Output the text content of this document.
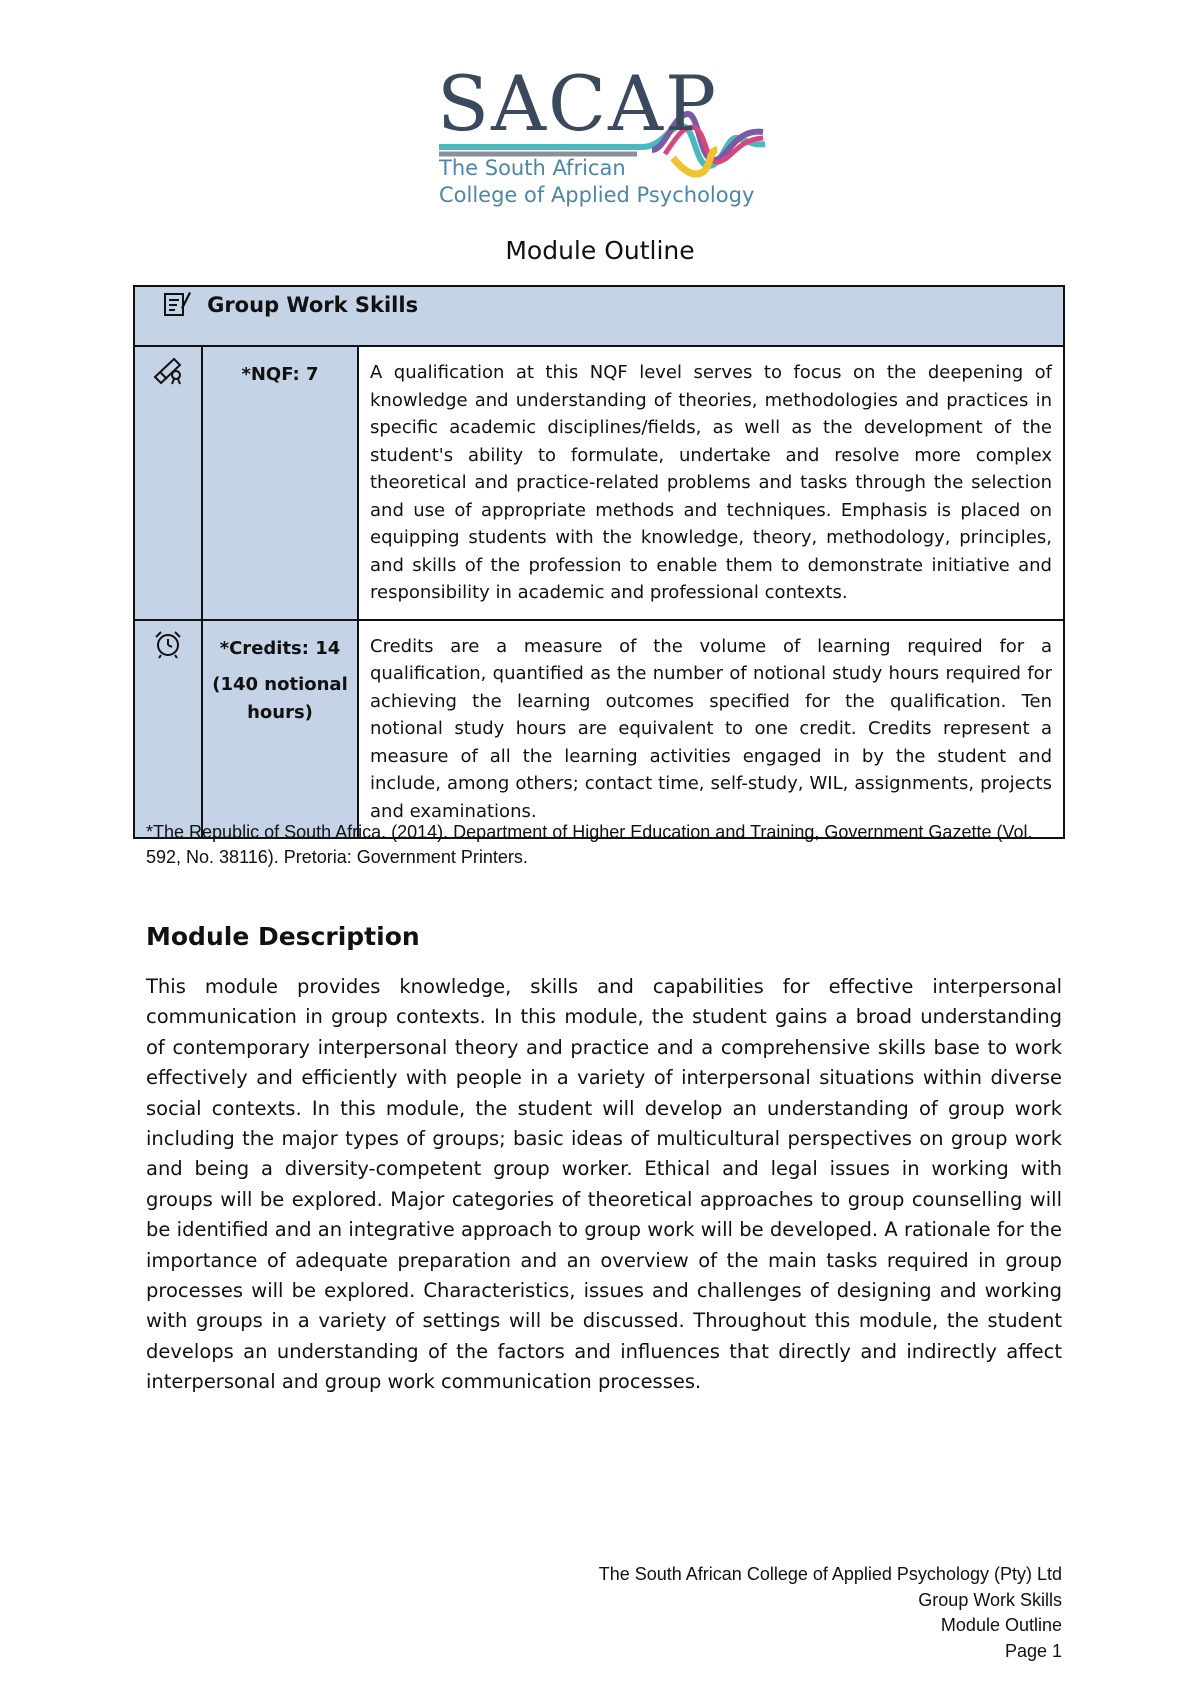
SACAP
The South African
College of Applied Psychology
Module Outline
Group Work Skills		

*NQF: 7	A qualification at this NQF level serves to focus on the deepening of knowledge and understanding of theories, methodologies and practices in specific academic disciplines/fields, as well as the development of the student's ability to formulate, undertake and resolve more complex theoretical and practice-related problems and tasks through the selection and use of appropriate methods and techniques. Emphasis is placed on equipping students with the knowledge, theory, methodology, principles, and skills of the profession to enable them to demonstrate initiative and responsibility in academic and professional contexts.

*Credits: 14
(140 notional hours)	Credits are a measure of the volume of learning required for a qualification, quantified as the number of notional study hours required for achieving the learning outcomes specified for the qualification. Ten notional study hours are equivalent to one credit. Credits represent a measure of all the learning activities engaged in by the student and include, among others; contact time, self-study, WIL, assignments, projects and examinations.
*The Republic of South Africa. (2014). Department of Higher Education and Training, Government Gazette (Vol. 592, No. 38116). Pretoria: Government Printers.
Module Description
This module provides knowledge, skills and capabilities for effective interpersonal communication in group contexts. In this module, the student gains a broad understanding of contemporary interpersonal theory and practice and a comprehensive skills base to work effectively and efficiently with people in a variety of interpersonal situations within diverse social contexts. In this module, the student will develop an understanding of group work including the major types of groups; basic ideas of multicultural perspectives on group work and being a diversity-competent group worker. Ethical and legal issues in working with groups will be explored. Major categories of theoretical approaches to group counselling will be identified and an integrative approach to group work will be developed. A rationale for the importance of adequate preparation and an overview of the main tasks required in group processes will be explored. Characteristics, issues and challenges of designing and working with groups in a variety of settings will be discussed. Throughout this module, the student develops an understanding of the factors and influences that directly and indirectly affect interpersonal and group work communication processes.
The South African College of Applied Psychology (Pty) Ltd
Group Work Skills
Module Outline
Page 1
